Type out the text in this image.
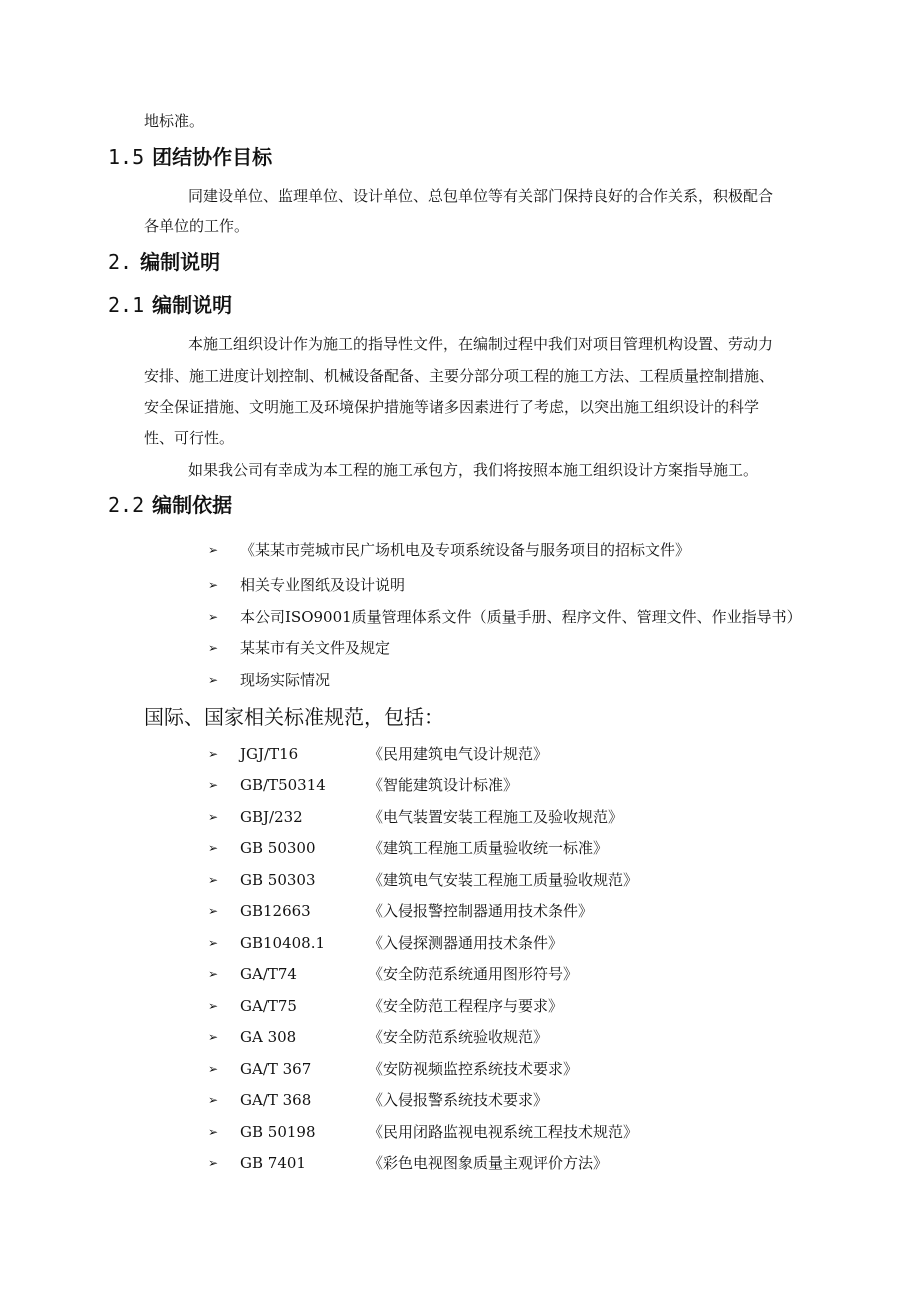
地标准。
1.5 团结协作目标
同建设单位、监理单位、设计单位、总包单位等有关部门保持良好的合作关系，积极配合
各单位的工作。
2. 编制说明
2.1 编制说明
本施工组织设计作为施工的指导性文件，在编制过程中我们对项目管理机构设置、劳动力
安排、施工进度计划控制、机械设备配备、主要分部分项工程的施工方法、工程质量控制措施、
安全保证措施、文明施工及环境保护措施等诸多因素进行了考虑，以突出施工组织设计的科学
性、可行性。
如果我公司有幸成为本工程的施工承包方，我们将按照本施工组织设计方案指导施工。
2.2 编制依据
➢ 《某某市莞城市民广场机电及专项系统设备与服务项目的招标文件》
➢ 相关专业图纸及设计说明
➢ 本公司ISO9001质量管理体系文件（质量手册、程序文件、管理文件、作业指导书）
➢ 某某市有关文件及规定
➢ 现场实际情况
国际、国家相关标准规范，包括：
➢ JGJ/T16	《民用建筑电气设计规范》
➢ GB/T50314	《智能建筑设计标准》
➢ GBJ/232	《电气装置安装工程施工及验收规范》
➢ GB 50300	《建筑工程施工质量验收统一标准》
➢ GB 50303	《建筑电气安装工程施工质量验收规范》
➢ GB12663	《入侵报警控制器通用技术条件》
➢ GB10408.1	《入侵探测器通用技术条件》
➢ GA/T74	《安全防范系统通用图形符号》
➢ GA/T75	《安全防范工程程序与要求》
➢ GA 308	《安全防范系统验收规范》
➢ GA/T 367	《安防视频监控系统技术要求》
➢ GA/T 368	《入侵报警系统技术要求》
➢ GB 50198	《民用闭路监视电视系统工程技术规范》
➢ GB 7401	《彩色电视图象质量主观评价方法》
